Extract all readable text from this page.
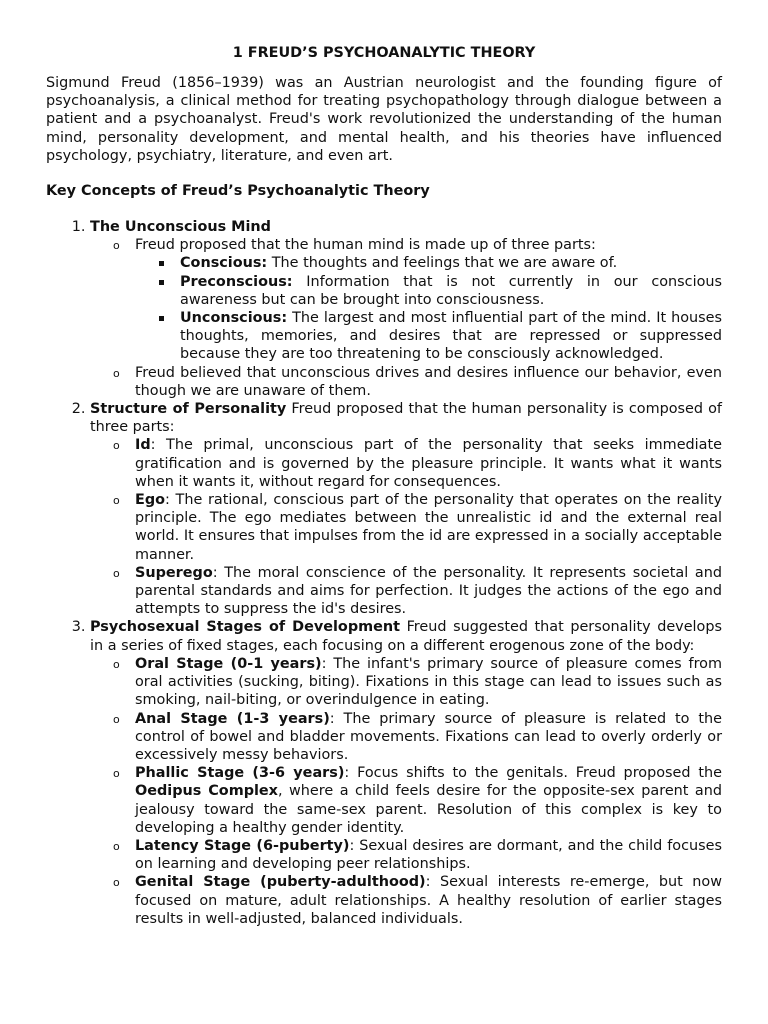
1 FREUD’S PSYCHOANALYTIC THEORY

Sigmund Freud (1856–1939) was an Austrian neurologist and the founding figure of psychoanalysis, a clinical method for treating psychopathology through dialogue between a patient and a psychoanalyst. Freud's work revolutionized the understanding of the human mind, personality development, and mental health, and his theories have influenced psychology, psychiatry, literature, and even art.

Key Concepts of Freud’s Psychoanalytic Theory
1. The Unconscious Mind
o Freud proposed that the human mind is made up of three parts:
Conscious: The thoughts and feelings that we are aware of.
Preconscious: Information that is not currently in our conscious awareness but can be brought into consciousness.
Unconscious: The largest and most influential part of the mind. It houses thoughts, memories, and desires that are repressed or suppressed because they are too threatening to be consciously acknowledged.
o Freud believed that unconscious drives and desires influence our behavior, even though we are unaware of them.
2. Structure of Personality Freud proposed that the human personality is composed of three parts:
o Id: The primal, unconscious part of the personality that seeks immediate gratification and is governed by the pleasure principle. It wants what it wants when it wants it, without regard for consequences.
o Ego: The rational, conscious part of the personality that operates on the reality principle. The ego mediates between the unrealistic id and the external real world. It ensures that impulses from the id are expressed in a socially acceptable manner.
o Superego: The moral conscience of the personality. It represents societal and parental standards and aims for perfection. It judges the actions of the ego and attempts to suppress the id's desires.
3. Psychosexual Stages of Development Freud suggested that personality develops in a series of fixed stages, each focusing on a different erogenous zone of the body:
o Oral Stage (0-1 years): The infant's primary source of pleasure comes from oral activities (sucking, biting). Fixations in this stage can lead to issues such as smoking, nail-biting, or overindulgence in eating.
o Anal Stage (1-3 years): The primary source of pleasure is related to the control of bowel and bladder movements. Fixations can lead to overly orderly or excessively messy behaviors.
o Phallic Stage (3-6 years): Focus shifts to the genitals. Freud proposed the Oedipus Complex, where a child feels desire for the opposite-sex parent and jealousy toward the same-sex parent. Resolution of this complex is key to developing a healthy gender identity.
o Latency Stage (6-puberty): Sexual desires are dormant, and the child focuses on learning and developing peer relationships.
o Genital Stage (puberty-adulthood): Sexual interests re-emerge, but now focused on mature, adult relationships. A healthy resolution of earlier stages results in well-adjusted, balanced individuals.
